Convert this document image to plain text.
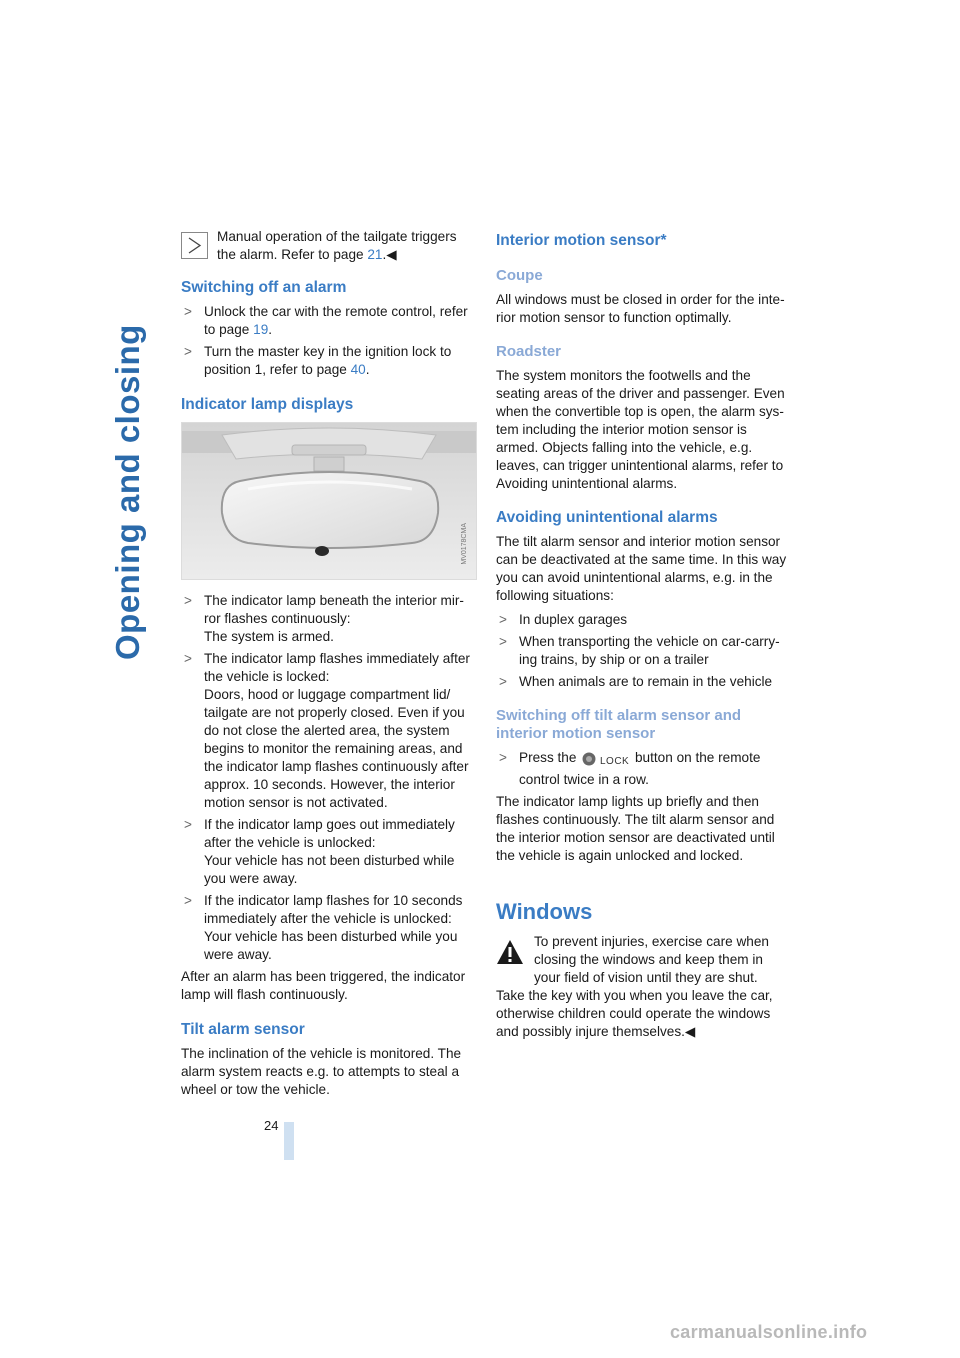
Opening and closing

Manual operation of the tailgate triggers the alarm. Refer to page 21.◀

Switching off an alarm
> Unlock the car with the remote control, refer to page 19.
> Turn the master key in the ignition lock to position 1, refer to page 40.
Indicator lamp displays
MV0178CMA
> The indicator lamp beneath the interior mir-ror flashes continuously:
The system is armed.
> The indicator lamp flashes immediately after the vehicle is locked:
Doors, hood or luggage compartment lid/ tailgate are not properly closed. Even if you do not close the alerted area, the system begins to monitor the remaining areas, and the indicator lamp flashes continuously after approx. 10 seconds. However, the interior motion sensor is not activated.
> If the indicator lamp goes out immediately after the vehicle is unlocked:
Your vehicle has not been disturbed while you were away.
> If the indicator lamp flashes for 10 seconds immediately after the vehicle is unlocked:
Your vehicle has been disturbed while you were away.

After an alarm has been triggered, the indicator lamp will flash continuously.

Tilt alarm sensor

The inclination of the vehicle is monitored. The alarm system reacts e.g. to attempts to steal a wheel or tow the vehicle.

Interior motion sensor*
Coupe

All windows must be closed in order for the inte-rior motion sensor to function optimally.

Roadster

The system monitors the footwells and the seating areas of the driver and passenger. Even when the convertible top is open, the alarm sys-tem including the interior motion sensor is armed. Objects falling into the vehicle, e.g. leaves, can trigger unintentional alarms, refer to Avoiding unintentional alarms.

Avoiding unintentional alarms

The tilt alarm sensor and interior motion sensor can be deactivated at the same time. In this way you can avoid unintentional alarms, e.g. in the following situations:

> In duplex garages
> When transporting the vehicle on car-carry-ing trains, by ship or on a trailer
> When animals are to remain in the vehicle
Switching off tilt alarm sensor and interior motion sensor
> Press the LOCK button on the remote control twice in a row.

The indicator lamp lights up briefly and then flashes continuously. The tilt alarm sensor and the interior motion sensor are deactivated until the vehicle is again unlocked and locked.

Windows

To prevent injuries, exercise care when closing the windows and keep them in your field of vision until they are shut.

Take the key with you when you leave the car, otherwise children could operate the windows and possibly injure themselves.◀

24
carmanualsonline.info
